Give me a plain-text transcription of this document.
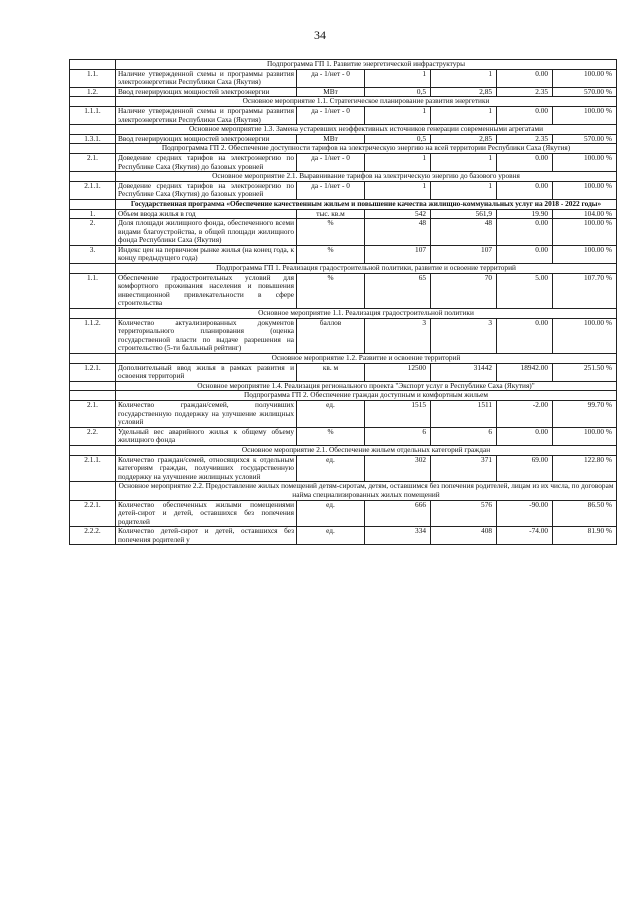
34
	Подпрограмма ГП 1. Развитие энергетической инфраструктуры					
1.1.	Наличие утвержденной схемы и программы развития электроэнергетики Республики Саха (Якутия)	да - 1/нет - 0	1	1	0.00	100.00 %
1.2.	Ввод генерирующих мощностей электроэнергии	МВт	0,5	2,85	2.35	570.00 %
	Основное мероприятие 1.1. Стратегическое планирование развития энергетики					
1.1.1.	Наличие утвержденной схемы и программы развития электроэнергетики Республики Саха (Якутия)	да - 1/нет - 0	1	1	0.00	100.00 %
	Основное мероприятие 1.3. Замена устаревших неэффективных источников генерации современными агрегатами					
1.3.1.	Ввод генерирующих мощностей электроэнергии	МВт	0,5	2,85	2.35	570.00 %
	Подпрограмма ГП 2. Обеспечение доступности тарифов на электрическую энергию на всей территории Республики Саха (Якутия)					
2.1.	Доведение средних тарифов на электроэнергию по Республике Саха (Якутия) до базовых уровней	да - 1/нет - 0	1	1	0.00	100.00 %
	Основное мероприятие 2.1. Выравнивание тарифов на электрическую энергию до базового уровня					
2.1.1.	Доведение средних тарифов на электроэнергию по Республике Саха (Якутия) до базовых уровней	да - 1/нет - 0	1	1	0.00	100.00 %
	Государственная программа «Обеспечение качественным жильем и повышение качества жилищно-коммунальных услуг на 2018 - 2022 годы»					
1.	Объем ввода жилья в год	тыс. кв.м	542	561,9	19.90	104.00 %
2.	Доля площади жилищного фонда, обеспеченного всеми видами благоустройства, в общей площади жилищного фонда Республики Саха (Якутия)	%	48	48	0.00	100.00 %
3.	Индекс цен на первичном рынке жилья (на конец года, к концу предыдущего года)	%	107	107	0.00	100.00 %
	Подпрограмма ГП 1. Реализация градостроительной политики, развитие и освоение территорий					
1.1.	Обеспечение градостроительных условий для комфортного проживания населения и повышения инвестиционной привлекательности в сфере строительства	%	65	70	5.00	107.70 %
	Основное мероприятие 1.1. Реализация градостроительной политики					
1.1.2.	Количество актуализированных документов территориального планирования (оценка государственной власти по выдаче разрешения на строительство (5-ти балльный рейтинг)	баллов	3	3	0.00	100.00 %
	Основное мероприятие 1.2. Развитие и освоение территорий					
1.2.1.	Дополнительный ввод жилья в рамках развития и освоения территорий	кв. м	12500	31442	18942.00	251.50 %
	Основное мероприятие 1.4. Реализация регионального проекта "Экспорт услуг в Республике Саха (Якутия)"					
	Подпрограмма ГП 2. Обеспечение граждан доступным и комфортным жильем					
2.1.	Количество граждан/семей, получивших государственную поддержку на улучшение жилищных условий	ед.	1515	1511	-2.00	99.70 %
2.2.	Удельный вес аварийного жилья к общему объему жилищного фонда	%	6	6	0.00	100.00 %
	Основное мероприятие 2.1. Обеспечение жильем отдельных категорий граждан					
2.1.1.	Количество граждан/семей, относящихся к отдельным категориям граждан, получивших государственную поддержку на улучшение жилищных условий	ед.	302	371	69.00	122.80 %
	Основное мероприятие 2.2. Предоставление жилых помещений детям-сиротам, детям, оставшимся без попечения родителей, лицам из их числа, по договорам найма специализированных жилых помещений					
2.2.1.	Количество обеспеченных жилыми помещениями детей-сирот и детей, оставшихся без попечения родителей	ед.	666	576	-90.00	86.50 %
2.2.2.	Количество детей-сирот и детей, оставшихся без попечения родителей у	ед.	334	408	-74.00	81.90 %
